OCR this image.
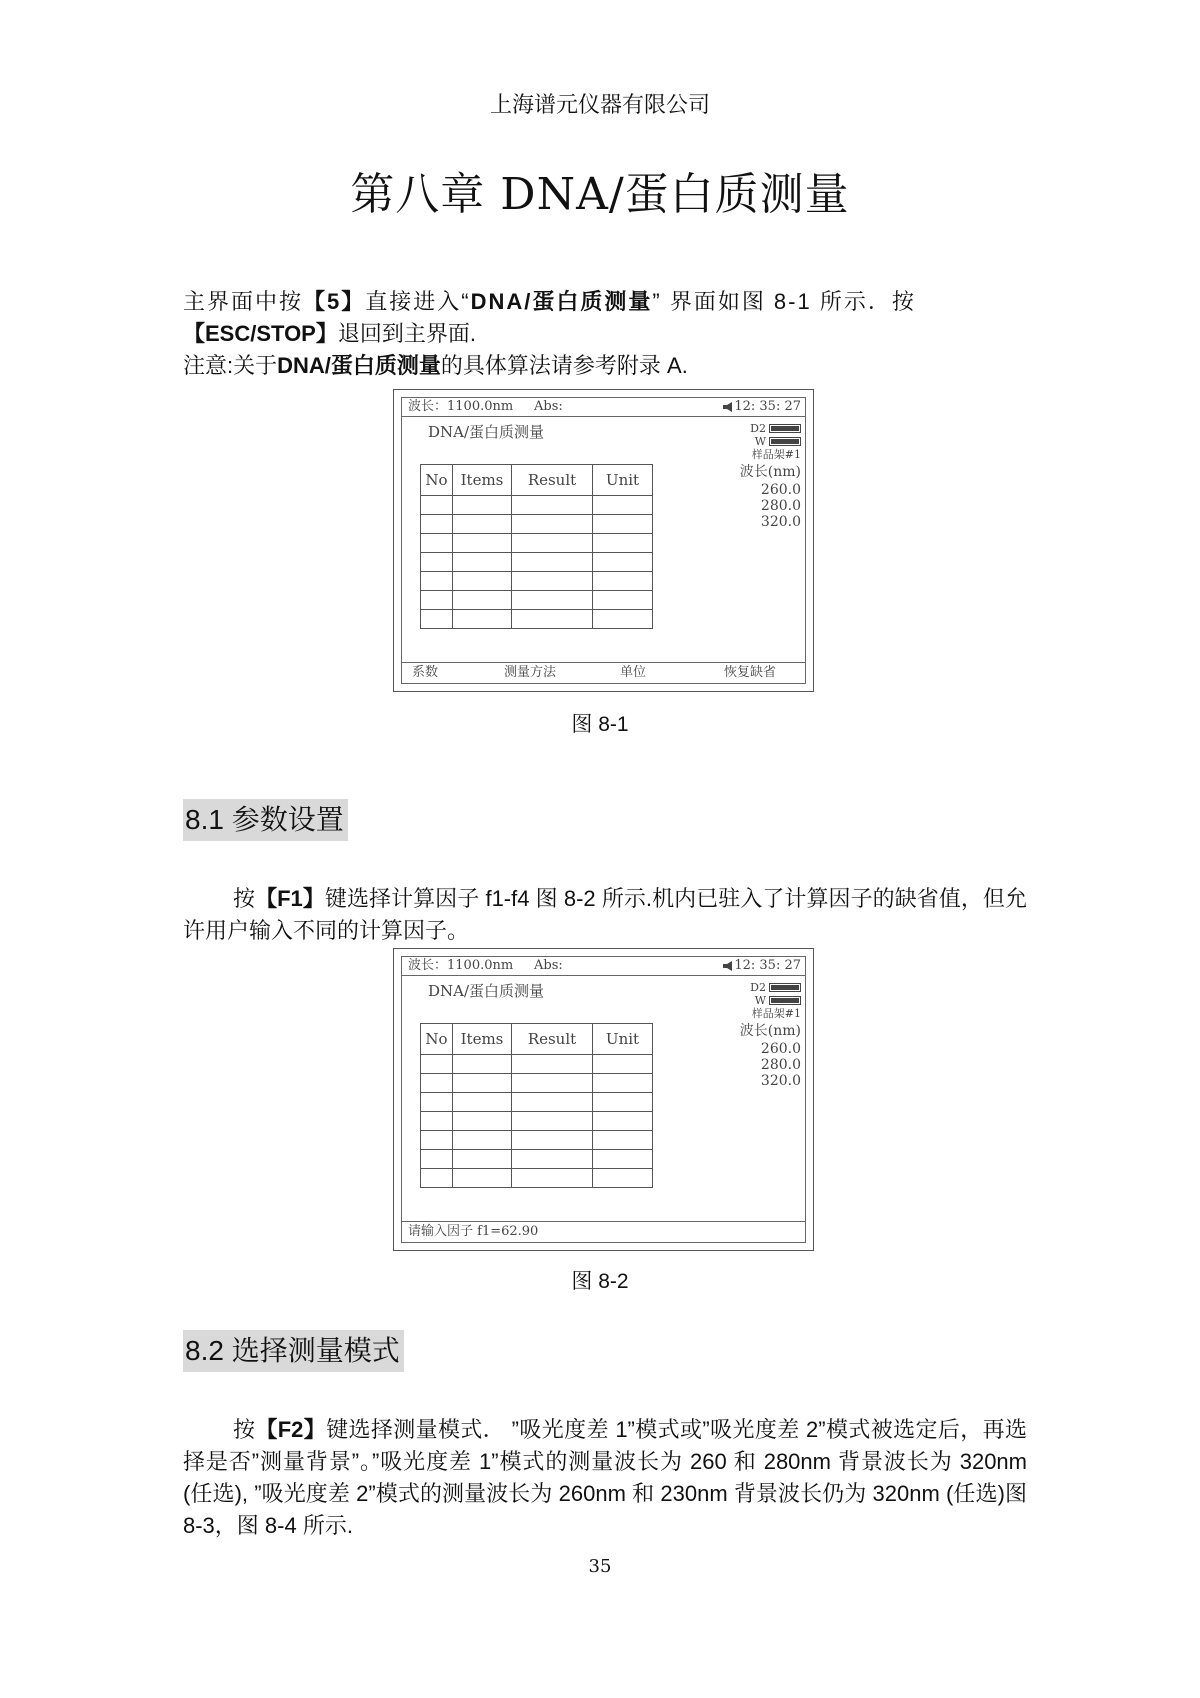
上海谱元仪器有限公司
第八章 DNA/蛋白质测量
主界面中按【5】直接进入“DNA/蛋白质测量” 界面如图 8-1 所示．按
【ESC/STOP】退回到主界面.
注意:关于DNA/蛋白质测量的具体算法请参考附录 A.
波长：1100.0nm Abs:	12: 35: 27
DNA/蛋白质测量
No	Items	Result	Unit

D2
W
样品架#1
波长(nm)
260.0
280.0
320.0
系数	测量方法	单位	恢复缺省
图 8-1
8.1 参数设置
按【F1】键选择计算因子 f1-f4 图 8-2 所示.机内已驻入了计算因子的缺省值，但允许用户输入不同的计算因子。
波长：1100.0nm Abs:	12: 35: 27
DNA/蛋白质测量
No	Items	Result	Unit

D2
W
样品架#1
波长(nm)
260.0
280.0
320.0
请输入因子 f1=62.90
图 8-2
8.2 选择测量模式
按【F2】键选择测量模式． ”吸光度差 1”模式或”吸光度差 2”模式被选定后，再选择是否”测量背景”。”吸光度差 1”模式的测量波长为 260 和 280nm 背景波长为 320nm (任选), ”吸光度差 2”模式的测量波长为 260nm 和 230nm 背景波长仍为 320nm (任选)图 8-3，图 8-4 所示.
35
